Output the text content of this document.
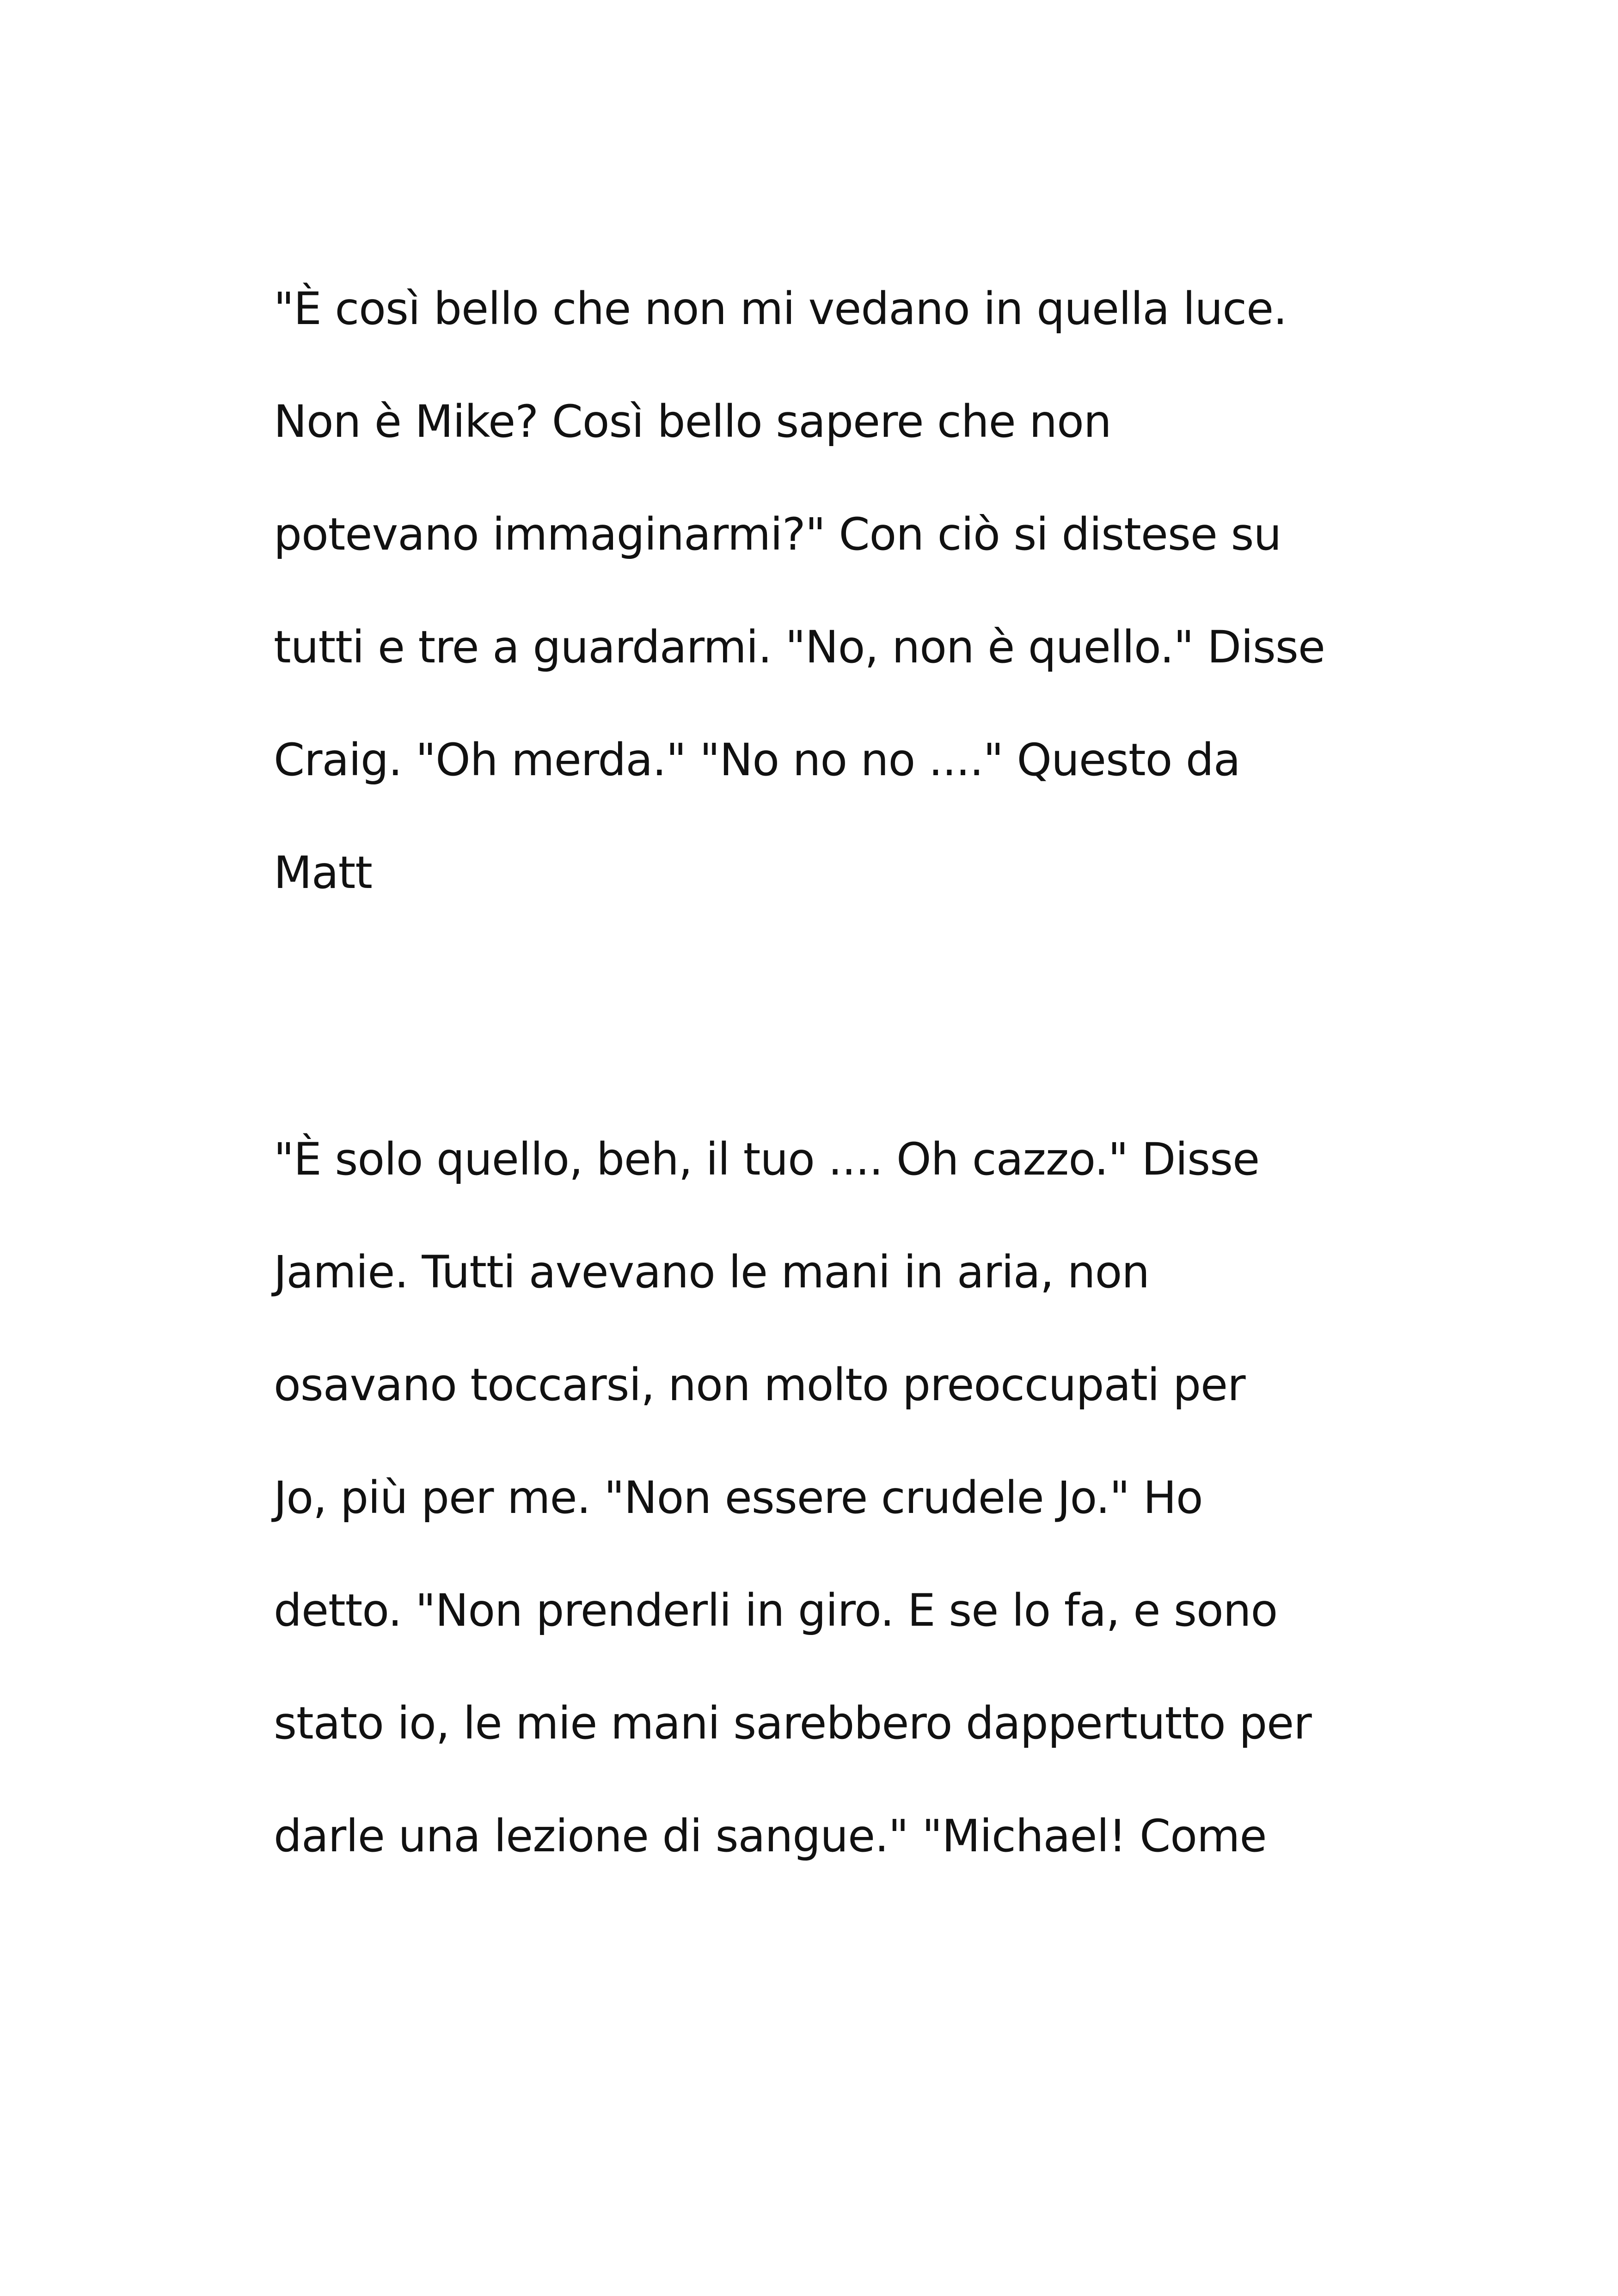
"È così bello che non mi vedano in quella luce.

Non è Mike? Così bello sapere che non

potevano immaginarmi?" Con ciò si distese su

tutti e tre a guardarmi. "No, non è quello." Disse

Craig. "Oh merda." "No no no ...." Questo da

Matt

"È solo quello, beh, il tuo .... Oh cazzo." Disse

Jamie. Tutti avevano le mani in aria, non

osavano toccarsi, non molto preoccupati per

Jo, più per me. "Non essere crudele Jo." Ho

detto. "Non prenderli in giro. E se lo fa, e sono

stato io, le mie mani sarebbero dappertutto per

darle una lezione di sangue." "Michael! Come
